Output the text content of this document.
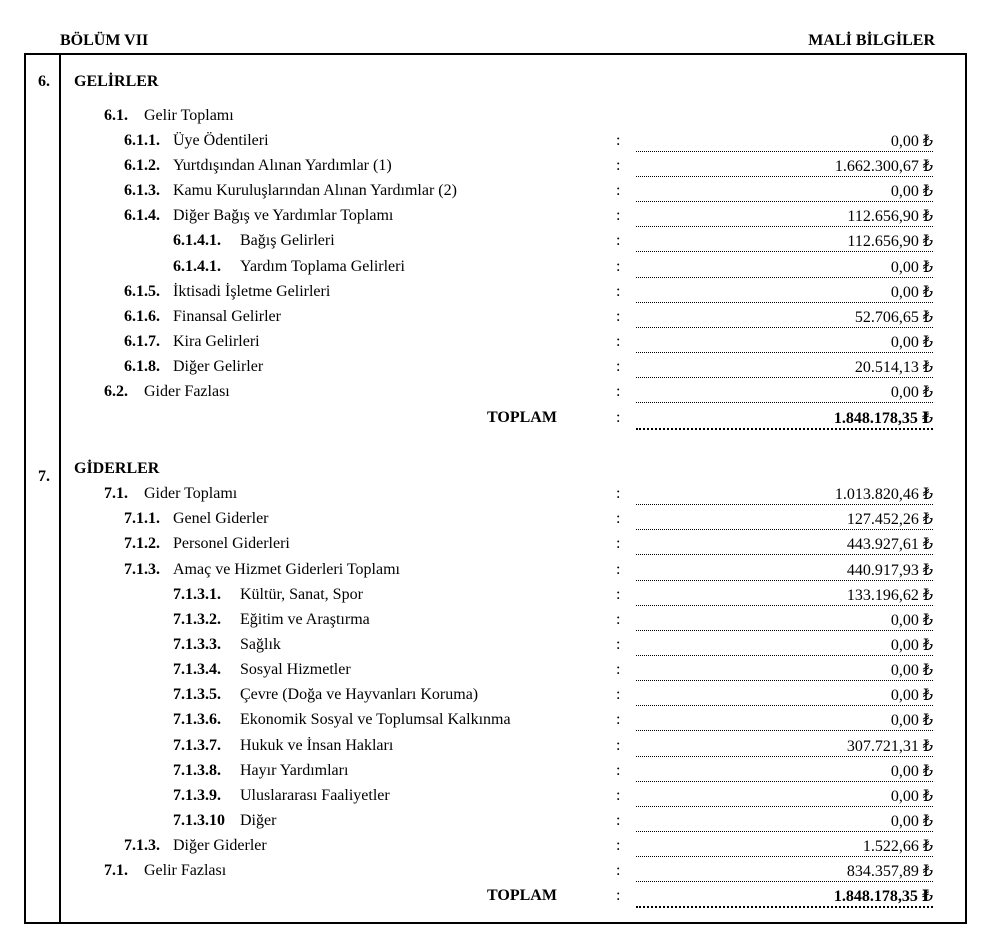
BÖLÜM VII	MALİ BİLGİLER
6. GELİRLER
6.1. Gelir Toplamı
6.1.1. Üye Ödentileri	:	0,00 ₺
6.1.2. Yurtdışından Alınan Yardımlar (1)	:	1.662.300,67 ₺
6.1.3. Kamu Kuruluşlarından Alınan Yardımlar (2)	:	0,00 ₺
6.1.4. Diğer Bağış ve Yardımlar Toplamı	:	112.656,90 ₺
6.1.4.1. Bağış Gelirleri	:	112.656,90 ₺
6.1.4.1. Yardım Toplama Gelirleri	:	0,00 ₺
6.1.5. İktisadi İşletme Gelirleri	:	0,00 ₺
6.1.6. Finansal Gelirler	:	52.706,65 ₺
6.1.7. Kira Gelirleri	:	0,00 ₺
6.1.8. Diğer Gelirler	:	20.514,13 ₺
6.2. Gider Fazlası	:	0,00 ₺
TOPLAM	:	1.848.178,35 ₺
7. GİDERLER
7.1. Gider Toplamı	:	1.013.820,46 ₺
7.1.1. Genel Giderler	:	127.452,26 ₺
7.1.2. Personel Giderleri	:	443.927,61 ₺
7.1.3. Amaç ve Hizmet Giderleri Toplamı	:	440.917,93 ₺
7.1.3.1. Kültür, Sanat, Spor	:	133.196,62 ₺
7.1.3.2. Eğitim ve Araştırma	:	0,00 ₺
7.1.3.3. Sağlık	:	0,00 ₺
7.1.3.4. Sosyal Hizmetler	:	0,00 ₺
7.1.3.5. Çevre (Doğa ve Hayvanları Koruma)	:	0,00 ₺
7.1.3.6. Ekonomik Sosyal ve Toplumsal Kalkınma	:	0,00 ₺
7.1.3.7. Hukuk ve İnsan Hakları	:	307.721,31 ₺
7.1.3.8. Hayır Yardımları	:	0,00 ₺
7.1.3.9. Uluslararası Faaliyetler	:	0,00 ₺
7.1.3.10 Diğer	:	0,00 ₺
7.1.3. Diğer Giderler	:	1.522,66 ₺
7.1. Gelir Fazlası	:	834.357,89 ₺
TOPLAM	:	1.848.178,35 ₺
